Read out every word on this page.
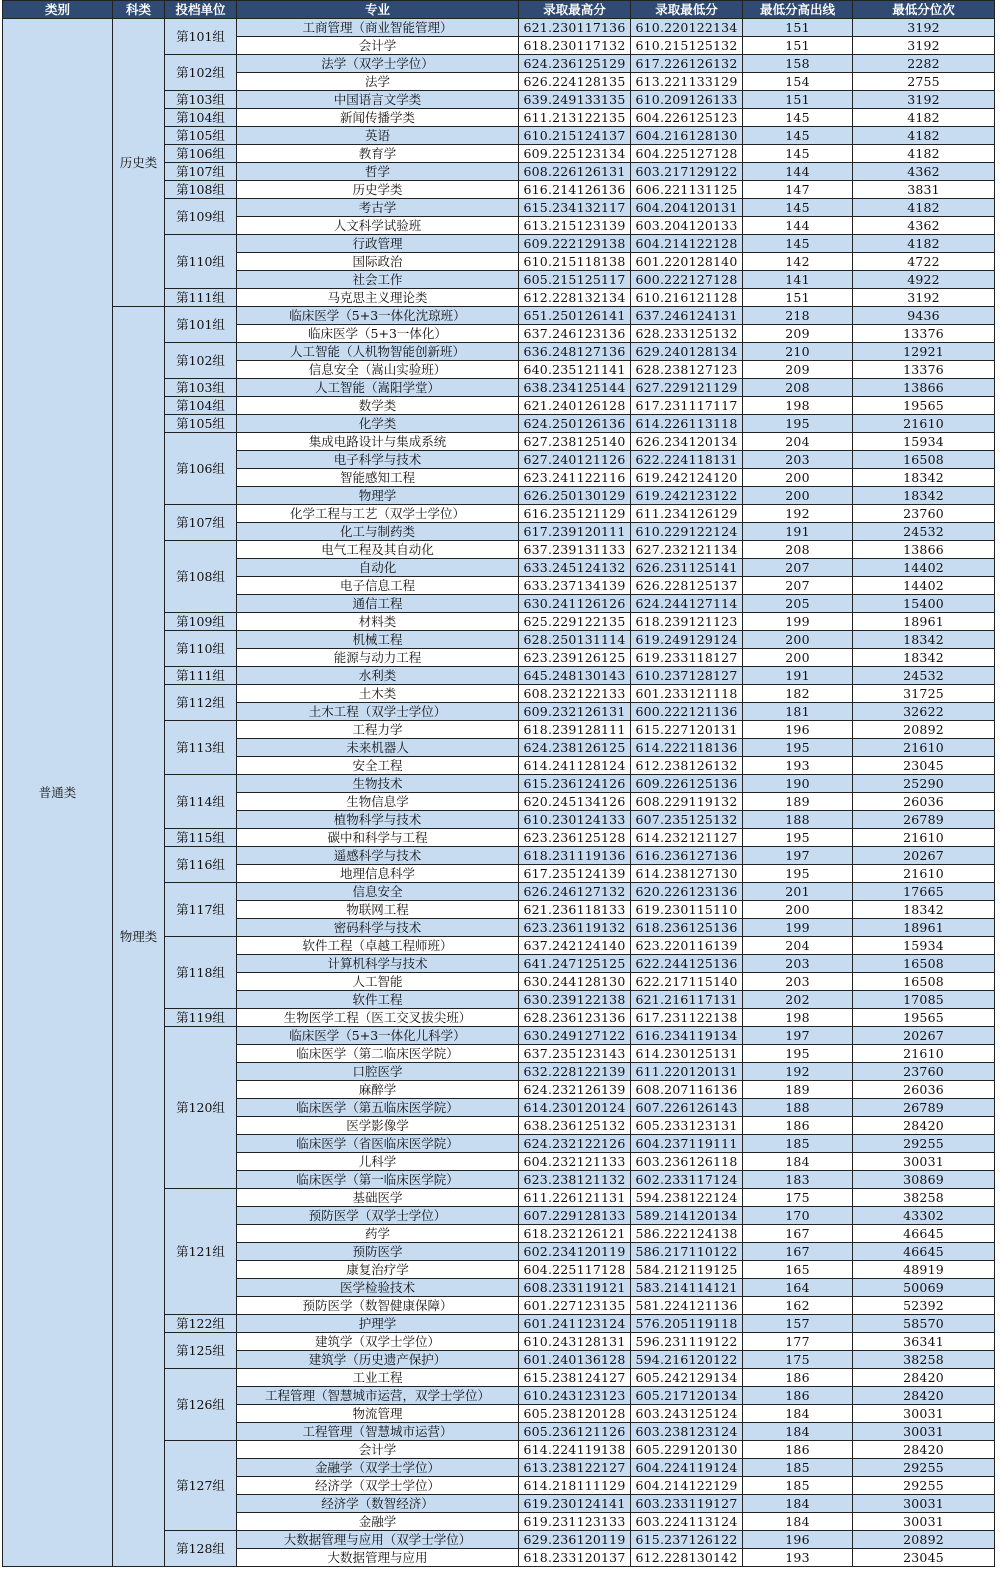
类别	科类	投档单位	专业	录取最高分	录取最低分	最低分高出线	最低分位次
普通类	历史类	第101组	工商管理（商业智能管理）	621.230117136	610.220122134	151	3192
			会计学	618.230117132	610.215125132	151	3192
		第102组	法学（双学士学位）	624.236125129	617.226126132	158	2282
			法学	626.224128135	613.221133129	154	2755
		第103组	中国语言文学类	639.249133135	610.209126133	151	3192
		第104组	新闻传播学类	611.213122135	604.226125123	145	4182
		第105组	英语	610.215124137	604.216128130	145	4182
		第106组	教育学	609.225123134	604.225127128	145	4182
		第107组	哲学	608.226126131	603.217129122	144	4362
		第108组	历史学类	616.214126136	606.221131125	147	3831
		第109组	考古学	615.234132117	604.204120131	145	4182
			人文科学试验班	613.215123139	603.204120133	144	4362
		第110组	行政管理	609.222129138	604.214122128	145	4182
			国际政治	610.215118138	601.220128140	142	4722
			社会工作	605.215125117	600.222127128	141	4922
		第111组	马克思主义理论类	612.228132134	610.216121128	151	3192
	物理类	第101组	临床医学（5+3一体化沈琼班）	651.250126141	637.246124131	218	9436
			临床医学（5+3一体化）	637.246123136	628.233125132	209	13376
		第102组	人工智能（人机物智能创新班）	636.248127136	629.240128134	210	12921
			信息安全（嵩山实验班）	640.235121141	628.238127123	209	13376
		第103组	人工智能（嵩阳学堂）	638.234125144	627.229121129	208	13866
		第104组	数学类	621.240126128	617.231117117	198	19565
		第105组	化学类	624.250126136	614.226113118	195	21610
		第106组	集成电路设计与集成系统	627.238125140	626.234120134	204	15934
			电子科学与技术	627.240121126	622.224118131	203	16508
			智能感知工程	623.241122116	619.242124120	200	18342
			物理学	626.250130129	619.242123122	200	18342
		第107组	化学工程与工艺（双学士学位）	616.235121129	611.234126129	192	23760
			化工与制药类	617.239120111	610.229122124	191	24532
		第108组	电气工程及其自动化	637.239131133	627.232121134	208	13866
			自动化	633.245124132	626.231125141	207	14402
			电子信息工程	633.237134139	626.228125137	207	14402
			通信工程	630.241126126	624.244127114	205	15400
		第109组	材料类	625.229122135	618.239121123	199	18961
		第110组	机械工程	628.250131114	619.249129124	200	18342
			能源与动力工程	623.239126125	619.233118127	200	18342
		第111组	水利类	645.248130143	610.237128127	191	24532
		第112组	土木类	608.232122133	601.233121118	182	31725
			土木工程（双学士学位）	609.232126131	600.222121136	181	32622
		第113组	工程力学	618.239128111	615.227120131	196	20892
			未来机器人	624.238126125	614.222118136	195	21610
			安全工程	614.241128124	612.238126132	193	23045
		第114组	生物技术	615.236124126	609.226125136	190	25290
			生物信息学	620.245134126	608.229119132	189	26036
			植物科学与技术	610.230124133	607.235125132	188	26789
		第115组	碳中和科学与工程	623.236125128	614.232121127	195	21610
		第116组	遥感科学与技术	618.231119136	616.236127136	197	20267
			地理信息科学	617.235124139	614.238127130	195	21610
		第117组	信息安全	626.246127132	620.226123136	201	17665
			物联网工程	621.236118133	619.230115110	200	18342
			密码科学与技术	623.236119132	618.236125136	199	18961
		第118组	软件工程（卓越工程师班）	637.242124140	623.220116139	204	15934
			计算机科学与技术	641.247125125	622.244125136	203	16508
			人工智能	630.244128130	622.217115140	203	16508
			软件工程	630.239122138	621.216117131	202	17085
		第119组	生物医学工程（医工交叉拔尖班）	628.236123136	617.231122138	198	19565
		第120组	临床医学（5+3一体化儿科学）	630.249127122	616.234119134	197	20267
			临床医学（第二临床医学院）	637.235123143	614.230125131	195	21610
			口腔医学	632.228122139	611.220120131	192	23760
			麻醉学	624.232126139	608.207116136	189	26036
			临床医学（第五临床医学院）	614.230120124	607.226126143	188	26789
			医学影像学	638.236125132	605.233123131	186	28420
			临床医学（省医临床医学院）	624.232122126	604.237119111	185	29255
			儿科学	604.232121133	603.236126118	184	30031
			临床医学（第一临床医学院）	623.238121132	602.233117124	183	30869
		第121组	基础医学	611.226121131	594.238122124	175	38258
			预防医学（双学士学位）	607.229128133	589.214120134	170	43302
			药学	618.232126121	586.222124138	167	46645
			预防医学	602.234120119	586.217110122	167	46645
			康复治疗学	604.225117128	584.212119125	165	48919
			医学检验技术	608.233119121	583.214114121	164	50069
			预防医学（数智健康保障）	601.227123135	581.224121136	162	52392
		第122组	护理学	601.241123124	576.205119118	157	58570
		第125组	建筑学（双学士学位）	610.243128131	596.231119122	177	36341
			建筑学（历史遗产保护）	601.240136128	594.216120122	175	38258
		第126组	工业工程	615.238124127	605.242129134	186	28420
			工程管理（智慧城市运营，双学士学位）	610.243123123	605.217120134	186	28420
			物流管理	605.238120128	603.243125124	184	30031
			工程管理（智慧城市运营）	605.236121126	603.238123124	184	30031
		第127组	会计学	614.224119138	605.229120130	186	28420
			金融学（双学士学位）	613.238122127	604.224119124	185	29255
			经济学（双学士学位）	614.218111129	604.214122129	185	29255
			经济学（数智经济）	619.230124141	603.233119127	184	30031
			金融学	619.231123133	603.224113124	184	30031
		第128组	大数据管理与应用（双学士学位）	629.236120119	615.237126122	196	20892
			大数据管理与应用	618.233120137	612.228130142	193	23045
